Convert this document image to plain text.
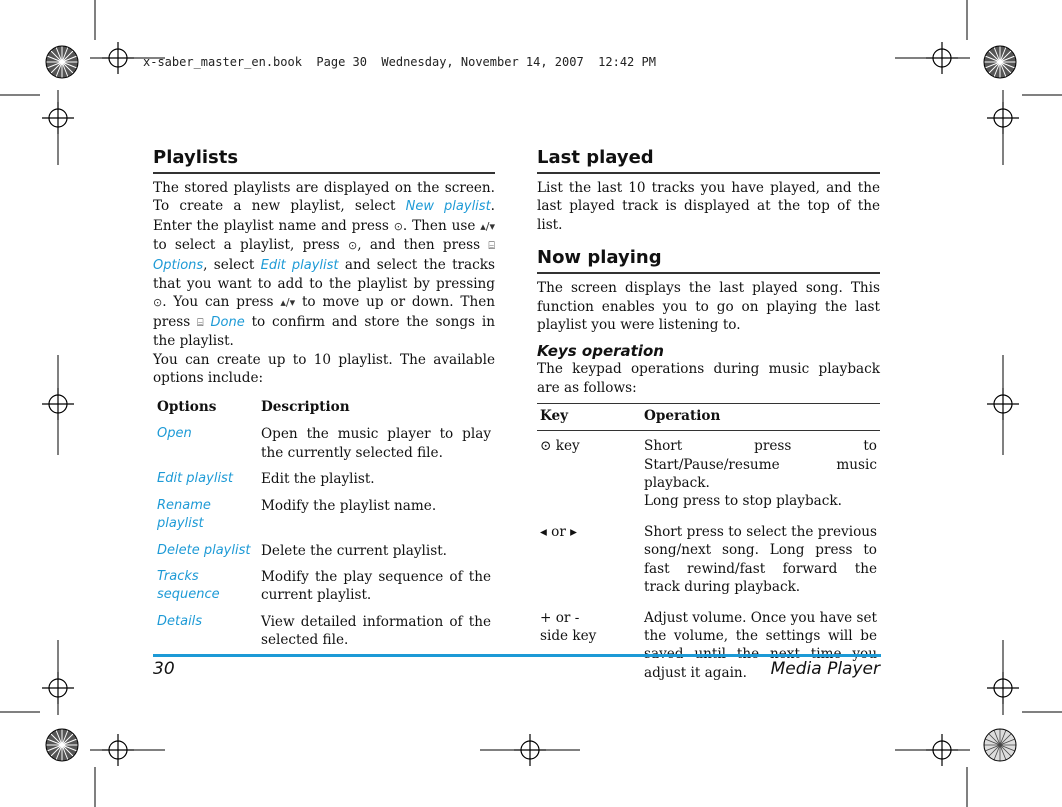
x-saber_master_en.book  Page 30  Wednesday, November 14, 2007  12:42 PM
Playlists

The stored playlists are displayed on the screen. To create a new playlist, select New playlist. Enter the playlist name and press ⊙. Then use ▴/▾ to select a playlist, press ⊙, and then press ⌸ Options, select Edit playlist and select the tracks that you want to add to the playlist by pressing ⊙. You can press ▴/▾ to move up or down. Then press ⌸ Done to confirm and store the songs in the playlist.

You can create up to 10 playlist. The available options include:

Options	Description
Open	Open the music player to play the currently selected file.
Edit playlist	Edit the playlist.
Rename playlist	Modify the playlist name.
Delete playlist	Delete the current playlist.
Tracks sequence	Modify the play sequence of the current playlist.
Details	View detailed information of the selected file.
Last played

List the last 10 tracks you have played, and the last played track is displayed at the top of the list.

Now playing

The screen displays the last played song. This function enables you to go on playing the last playlist you were listening to.

Keys operation

The keypad operations during music playback are as follows:

Key	Operation
⊙ key	Short press to Start/Pause/resume music playback.
Long press to stop playback.

◂ or ▸	Short press to select the previous song/next song. Long press to fast rewind/fast forward the track during playback.

+ or -
side key	Adjust volume. Once you have set the volume, the settings will be adjust it again.
30	Media Player
